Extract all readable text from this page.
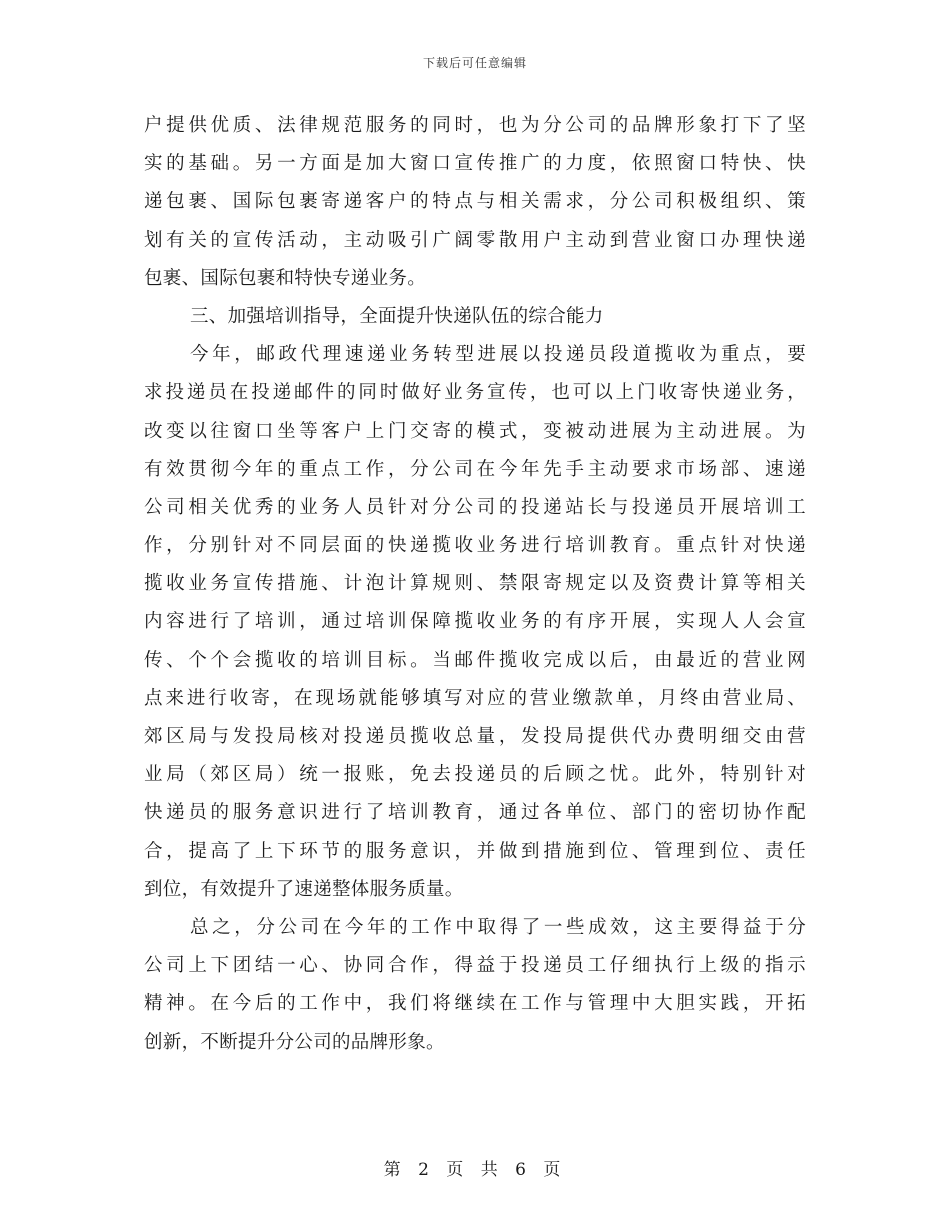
下载后可任意编辑
户提供优质、法律规范服务的同时，也为分公司的品牌形象打下了坚
实的基础。另一方面是加大窗口宣传推广的力度，依照窗口特快、快
递包裹、国际包裹寄递客户的特点与相关需求，分公司积极组织、策
划有关的宣传活动，主动吸引广阔零散用户主动到营业窗口办理快递
包裹、国际包裹和特快专递业务。
三、加强培训指导，全面提升快递队伍的综合能力
今年，邮政代理速递业务转型进展以投递员段道揽收为重点，要
求投递员在投递邮件的同时做好业务宣传，也可以上门收寄快递业务，
改变以往窗口坐等客户上门交寄的模式，变被动进展为主动进展。为
有效贯彻今年的重点工作，分公司在今年先手主动要求市场部、速递
公司相关优秀的业务人员针对分公司的投递站长与投递员开展培训工
作，分别针对不同层面的快递揽收业务进行培训教育。重点针对快递
揽收业务宣传措施、计泡计算规则、禁限寄规定以及资费计算等相关
内容进行了培训，通过培训保障揽收业务的有序开展，实现人人会宣
传、个个会揽收的培训目标。当邮件揽收完成以后，由最近的营业网
点来进行收寄，在现场就能够填写对应的营业缴款单，月终由营业局、
郊区局与发投局核对投递员揽收总量，发投局提供代办费明细交由营
业局（郊区局）统一报账，免去投递员的后顾之忧。此外，特别针对
快递员的服务意识进行了培训教育，通过各单位、部门的密切协作配
合，提高了上下环节的服务意识，并做到措施到位、管理到位、责任
到位，有效提升了速递整体服务质量。
总之，分公司在今年的工作中取得了一些成效，这主要得益于分
公司上下团结一心、协同合作，得益于投递员工仔细执行上级的指示
精神。在今后的工作中，我们将继续在工作与管理中大胆实践，开拓
创新，不断提升分公司的品牌形象。
第 2 页 共 6 页
